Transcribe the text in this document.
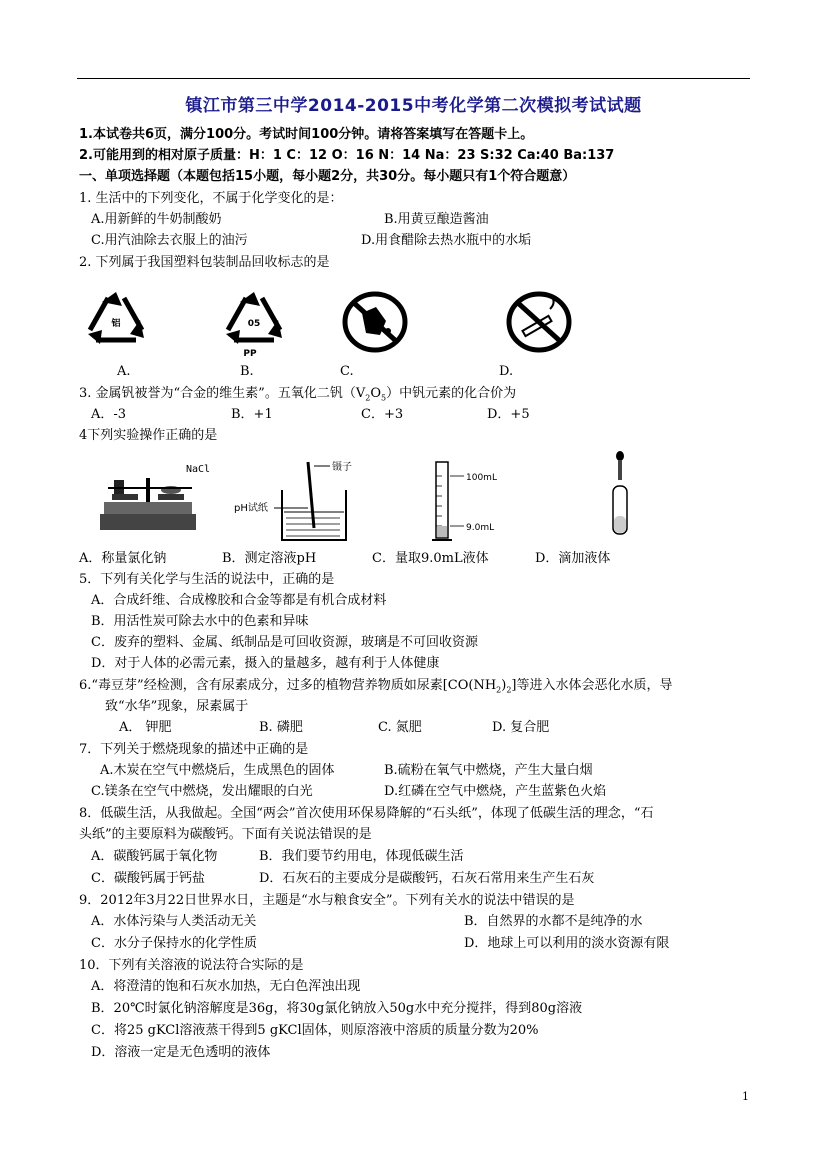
镇江市第三中学2014-2015中考化学第二次模拟考试试题
1.本试卷共6页，满分100分。考试时间100分钟。请将答案填写在答题卡上。
2.可能用到的相对原子质量：H：1 C：12 O：16 N：14 Na：23 S:32 Ca:40 Ba:137
一、单项选择题（本题包括15小题，每小题2分，共30分。每小题只有1个符合题意）
1. 生活中的下列变化，不属于化学变化的是：
A.用新鲜的牛奶制酸奶	B.用黄豆酿造酱油
C.用汽油除去衣服上的油污	D.用食醋除去热水瓶中的水垢
2. 下列属于我国塑料包装制品回收标志的是
铝	05
PP
A.	B.	C.	D.
3. 金属钒被誉为“合金的维生素”。五氧化二钒$(V_2O_5)$中钒元素的化合价为
A．-3	B．+1	C．+3	D．+5
4下列实验操作正确的是
NaCl	镊子
pH试纸
100mL
9.0mL
A．称量氯化钠	B．测定溶液pH	C．量取9.0mL液体	D．滴加液体
5．下列有关化学与生活的说法中，正确的是
A．合成纤维、合成橡胶和合金等都是有机合成材料
B．用活性炭可除去水中的色素和异味
C．废弃的塑料、金属、纸制品是可回收资源，玻璃是不可回收资源
D．对于人体的必需元素，摄入的量越多，越有利于人体健康
6.“毒豆芽”经检测，含有尿素成分，过多的植物营养物质如尿素$[CO(NH_2)_2]$等进入水体会恶化水质，导
致“水华”现象，尿素属于
A． 钾肥	B. 磷肥	C. 氮肥	D. 复合肥
7．下列关于燃烧现象的描述中正确的是
A.木炭在空气中燃烧后，生成黑色的固体	B.硫粉在氧气中燃烧，产生大量白烟
C.镁条在空气中燃烧，发出耀眼的白光	D.红磷在空气中燃烧，产生蓝紫色火焰
8．低碳生活，从我做起。全国“两会”首次使用环保易降解的“石头纸”，体现了低碳生活的理念，“石
头纸”的主要原料为碳酸钙。下面有关说法错误的是
A．碳酸钙属于氧化物	B．我们要节约用电，体现低碳生活
C．碳酸钙属于钙盐	D．石灰石的主要成分是碳酸钙，石灰石常用来生产生石灰
9．2012年3月22日世界水日，主题是“水与粮食安全”。下列有关水的说法中错误的是
A．水体污染与人类活动无关	B．自然界的水都不是纯净的水
C．水分子保持水的化学性质	D．地球上可以利用的淡水资源有限
10．下列有关溶液的说法符合实际的是
A．将澄清的饱和石灰水加热，无白色浑浊出现
B．20℃时氯化钠溶解度是36g，将30g氯化钠放入50g水中充分搅拌，得到80g溶液
C．将25 gKCl溶液蒸干得到5 gKCl固体，则原溶液中溶质的质量分数为20%
D．溶液一定是无色透明的液体
1
